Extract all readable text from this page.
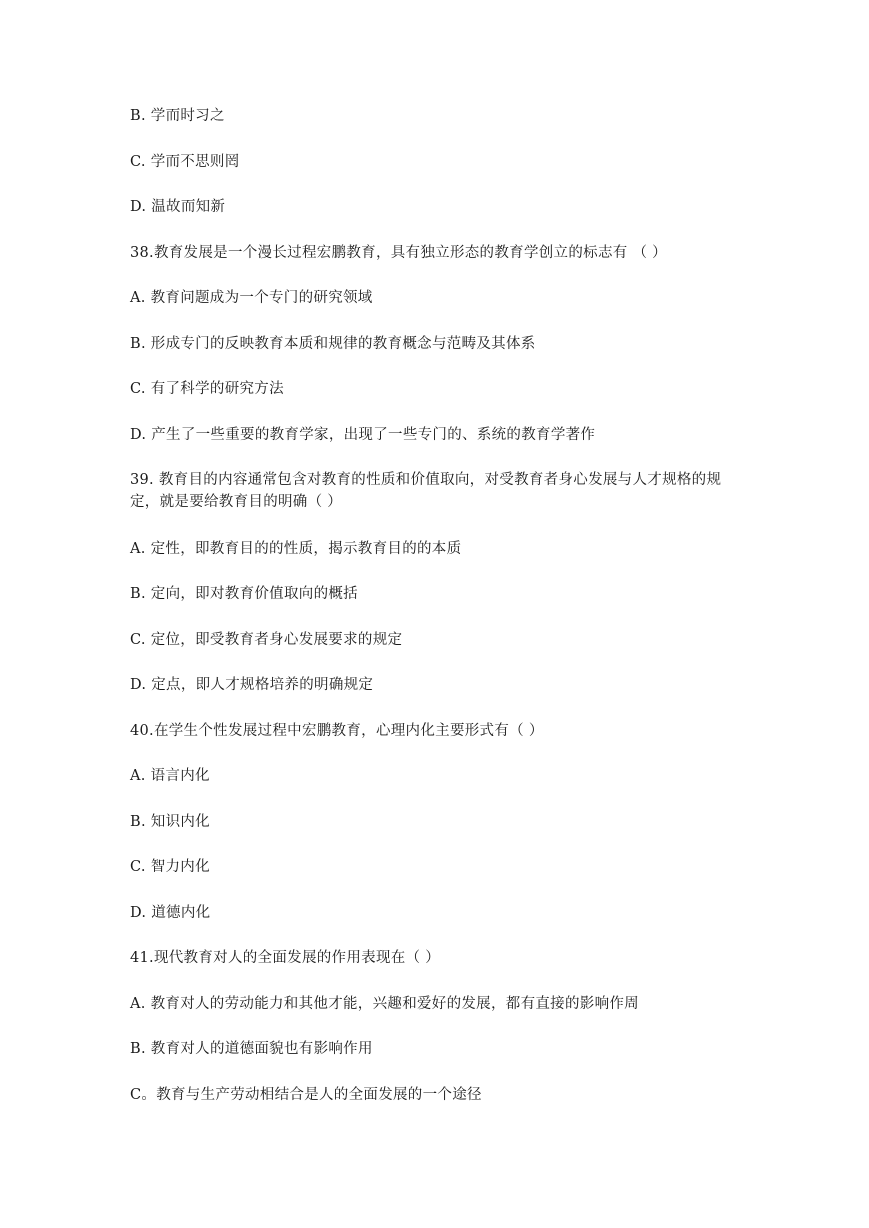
B. 学而时习之
C. 学而不思则罔
D. 温故而知新
38.教育发展是一个漫长过程宏鹏教育，具有独立形态的教育学创立的标志有 （ ）
A. 教育问题成为一个专门的研究领域
B. 形成专门的反映教育本质和规律的教育概念与范畴及其体系
C. 有了科学的研究方法
D. 产生了一些重要的教育学家，出现了一些专门的、系统的教育学著作
39. 教育目的内容通常包含对教育的性质和价值取向，对受教育者身心发展与人才规格的规定，就是要给教育目的明确（ ）
A. 定性，即教育目的的性质，揭示教育目的的本质
B. 定向，即对教育价值取向的概括
C. 定位，即受教育者身心发展要求的规定
D. 定点，即人才规格培养的明确规定
40.在学生个性发展过程中宏鹏教育，心理内化主要形式有（ ）
A. 语言内化
B. 知识内化
C. 智力内化
D. 道德内化
41.现代教育对人的全面发展的作用表现在（ ）
A. 教育对人的劳动能力和其他才能，兴趣和爱好的发展，都有直接的影响作周
B. 教育对人的道德面貌也有影响作用
C。教育与生产劳动相结合是人的全面发展的一个途径
